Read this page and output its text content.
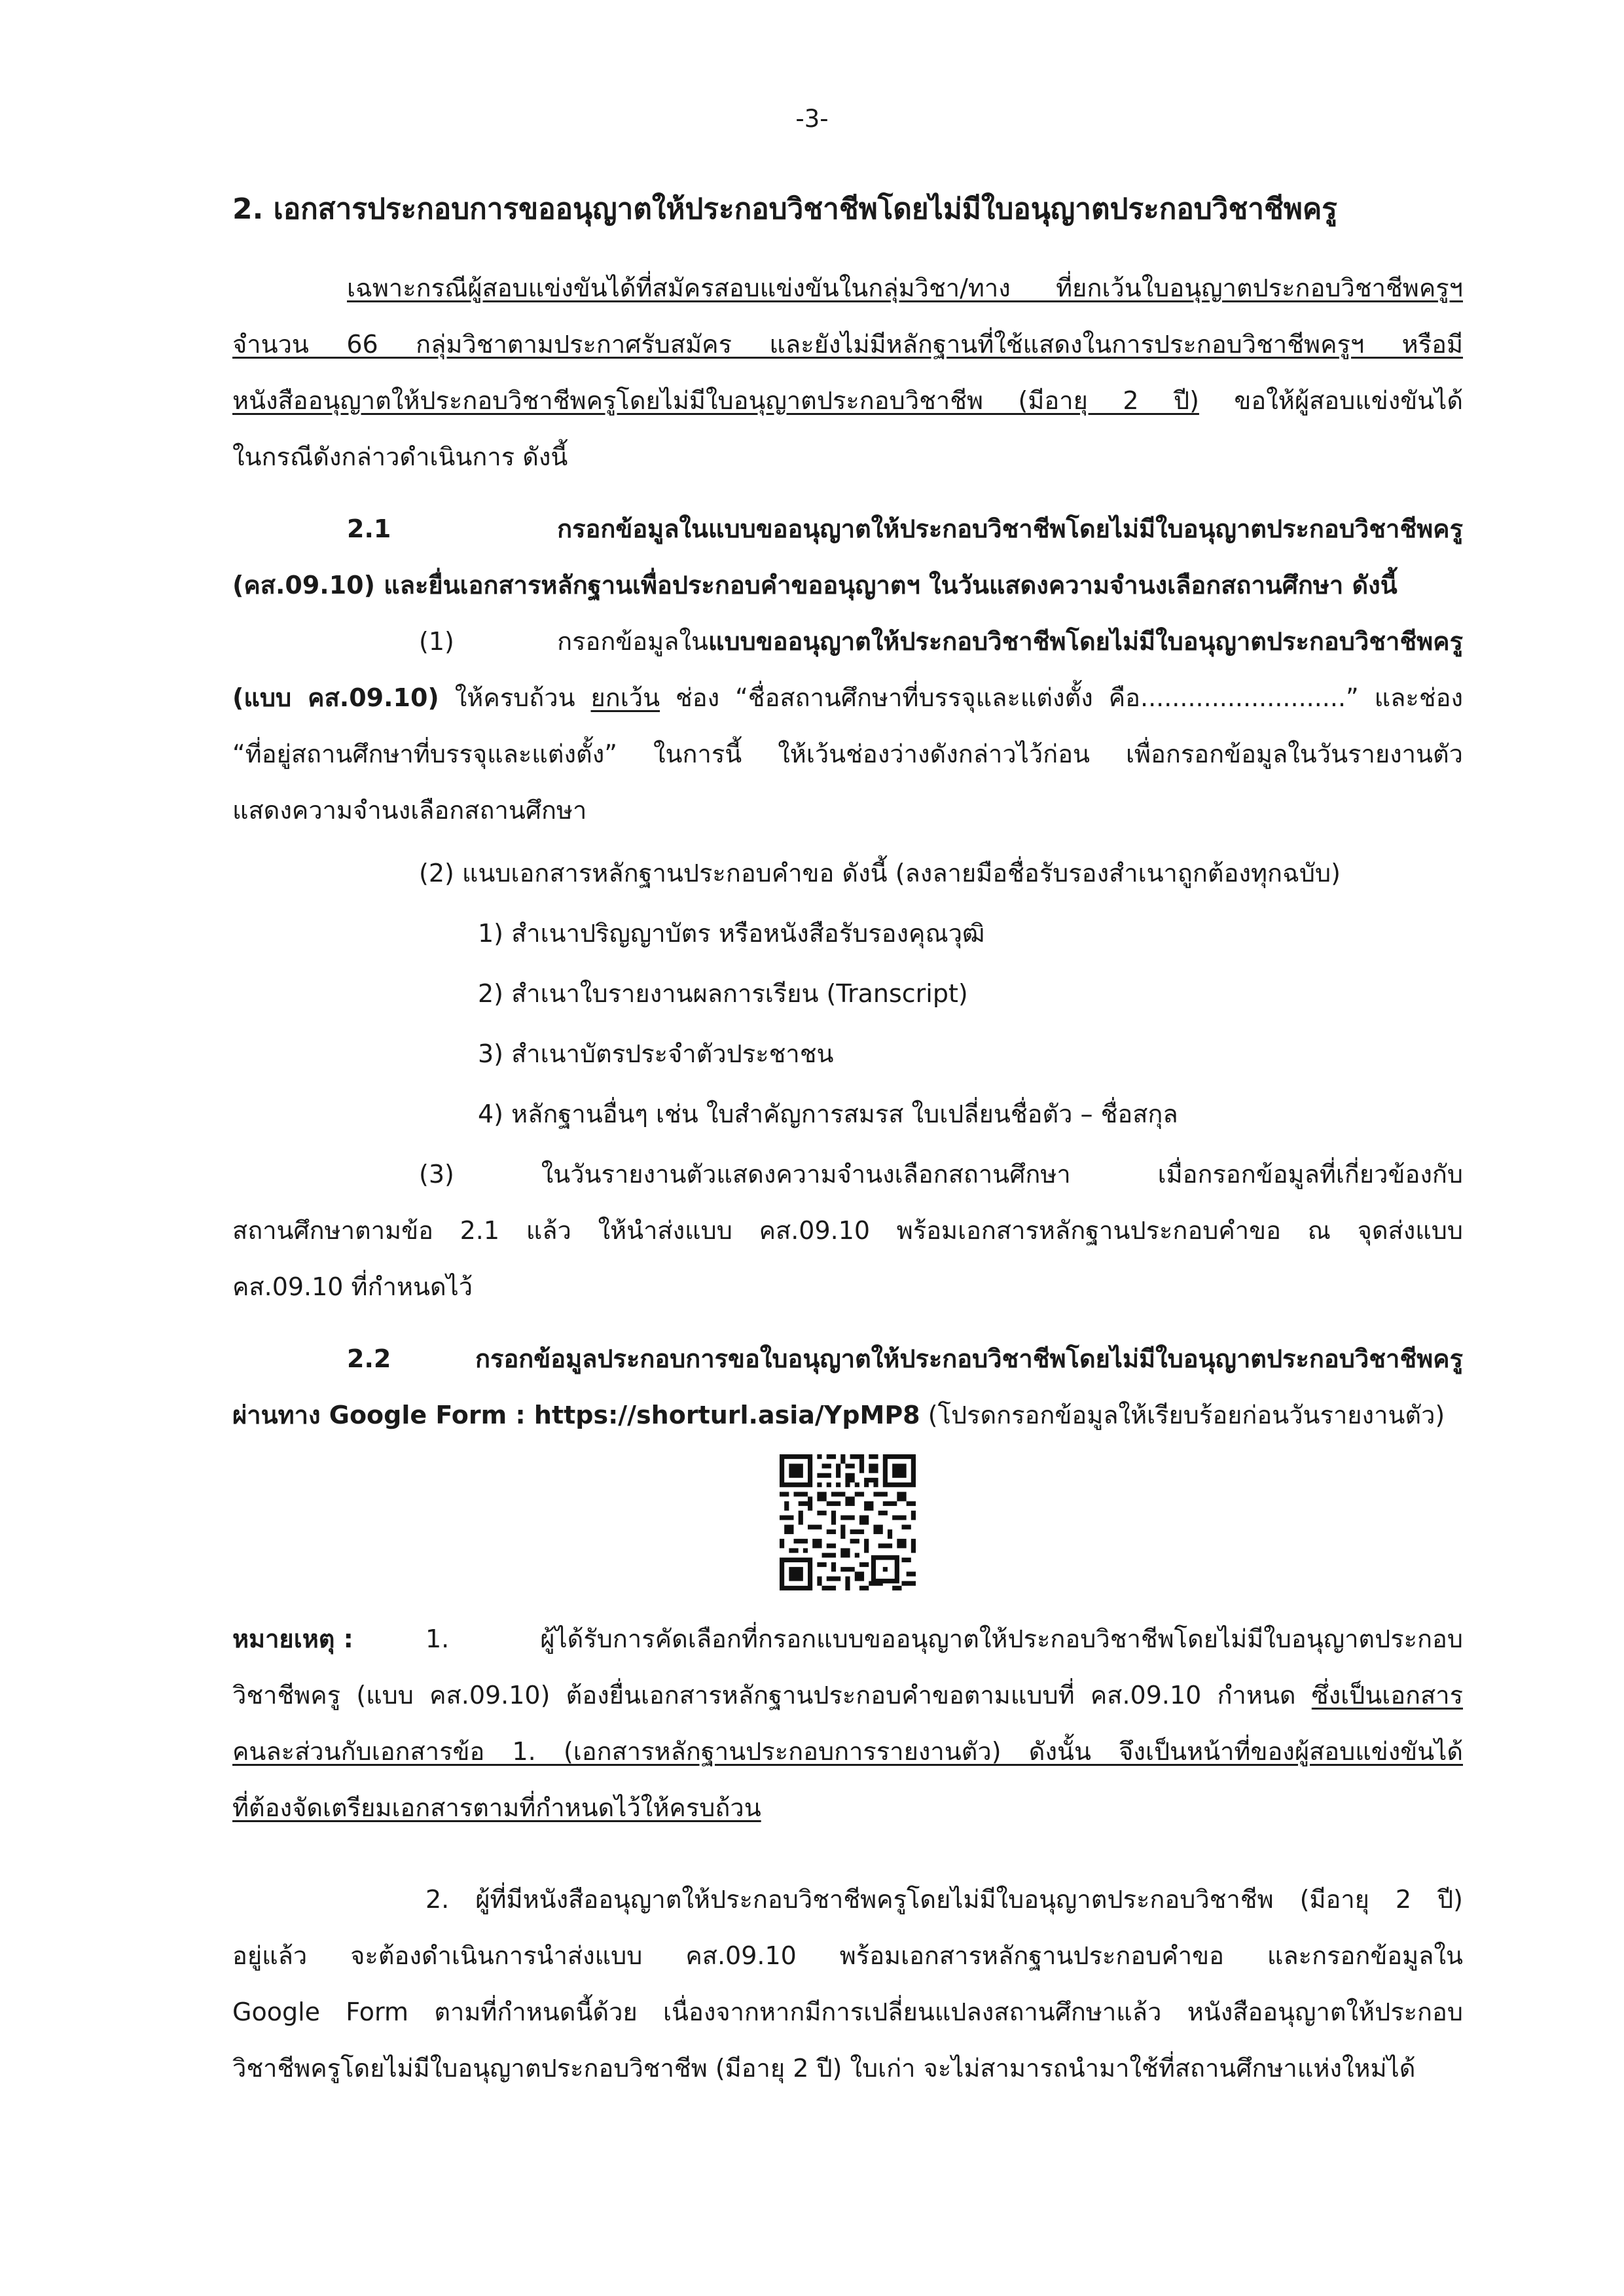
-3-
2. เอกสารประกอบการขออนุญาตให้ประกอบวิชาชีพโดยไม่มีใบอนุญาตประกอบวิชาชีพครู
เฉพาะกรณีผู้สอบแข่งขันได้ที่สมัครสอบแข่งขันในกลุ่มวิชา/ทาง ที่ยกเว้นใบอนุญาตประกอบวิชาชีพครูฯ
จำนวน 66 กลุ่มวิชาตามประกาศรับสมัคร และยังไม่มีหลักฐานที่ใช้แสดงในการประกอบวิชาชีพครูฯ หรือมี
หนังสืออนุญาตให้ประกอบวิชาชีพครูโดยไม่มีใบอนุญาตประกอบวิชาชีพ (มีอายุ 2 ปี) ขอให้ผู้สอบแข่งขันได้
ในกรณีดังกล่าวดำเนินการ ดังนี้
2.1 กรอกข้อมูลในแบบขออนุญาตให้ประกอบวิชาชีพโดยไม่มีใบอนุญาตประกอบวิชาชีพครู
(คส.09.10) และยื่นเอกสารหลักฐานเพื่อประกอบคำขออนุญาตฯ ในวันแสดงความจำนงเลือกสถานศึกษา ดังนี้
(1) กรอกข้อมูลในแบบขออนุญาตให้ประกอบวิชาชีพโดยไม่มีใบอนุญาตประกอบวิชาชีพครู
(แบบ คส.09.10) ให้ครบถ้วน ยกเว้น ช่อง “ชื่อสถานศึกษาที่บรรจุและแต่งตั้ง คือ..........................” และช่อง
“ที่อยู่สถานศึกษาที่บรรจุและแต่งตั้ง” ในการนี้ ให้เว้นช่องว่างดังกล่าวไว้ก่อน เพื่อกรอกข้อมูลในวันรายงานตัว
แสดงความจำนงเลือกสถานศึกษา
(2) แนบเอกสารหลักฐานประกอบคำขอ ดังนี้ (ลงลายมือชื่อรับรองสำเนาถูกต้องทุกฉบับ)
1) สำเนาปริญญาบัตร หรือหนังสือรับรองคุณวุฒิ
2) สำเนาใบรายงานผลการเรียน (Transcript)
3) สำเนาบัตรประจำตัวประชาชน
4) หลักฐานอื่นๆ เช่น ใบสำคัญการสมรส ใบเปลี่ยนชื่อตัว – ชื่อสกุล
(3) ในวันรายงานตัวแสดงความจำนงเลือกสถานศึกษา เมื่อกรอกข้อมูลที่เกี่ยวข้องกับ
สถานศึกษาตามข้อ 2.1 แล้ว ให้นำส่งแบบ คส.09.10 พร้อมเอกสารหลักฐานประกอบคำขอ ณ จุดส่งแบบ
คส.09.10 ที่กำหนดไว้
2.2 กรอกข้อมูลประกอบการขอใบอนุญาตให้ประกอบวิชาชีพโดยไม่มีใบอนุญาตประกอบวิชาชีพครู
ผ่านทาง Google Form : https://shorturl.asia/YpMP8 (โปรดกรอกข้อมูลให้เรียบร้อยก่อนวันรายงานตัว)
หมายเหตุ :	1. ผู้ได้รับการคัดเลือกที่กรอกแบบขออนุญาตให้ประกอบวิชาชีพโดยไม่มีใบอนุญาตประกอบ
วิชาชีพครู (แบบ คส.09.10) ต้องยื่นเอกสารหลักฐานประกอบคำขอตามแบบที่ คส.09.10 กำหนด ซึ่งเป็นเอกสาร
คนละส่วนกับเอกสารข้อ 1. (เอกสารหลักฐานประกอบการรายงานตัว) ดังนั้น จึงเป็นหน้าที่ของผู้สอบแข่งขันได้
ที่ต้องจัดเตรียมเอกสารตามที่กำหนดไว้ให้ครบถ้วน
2. ผู้ที่มีหนังสืออนุญาตให้ประกอบวิชาชีพครูโดยไม่มีใบอนุญาตประกอบวิชาชีพ (มีอายุ 2 ปี)
อยู่แล้ว จะต้องดำเนินการนำส่งแบบ คส.09.10 พร้อมเอกสารหลักฐานประกอบคำขอ และกรอกข้อมูลใน
Google Form ตามที่กำหนดนี้ด้วย เนื่องจากหากมีการเปลี่ยนแปลงสถานศึกษาแล้ว หนังสืออนุญาตให้ประกอบ
วิชาชีพครูโดยไม่มีใบอนุญาตประกอบวิชาชีพ (มีอายุ 2 ปี) ใบเก่า จะไม่สามารถนำมาใช้ที่สถานศึกษาแห่งใหม่ได้
